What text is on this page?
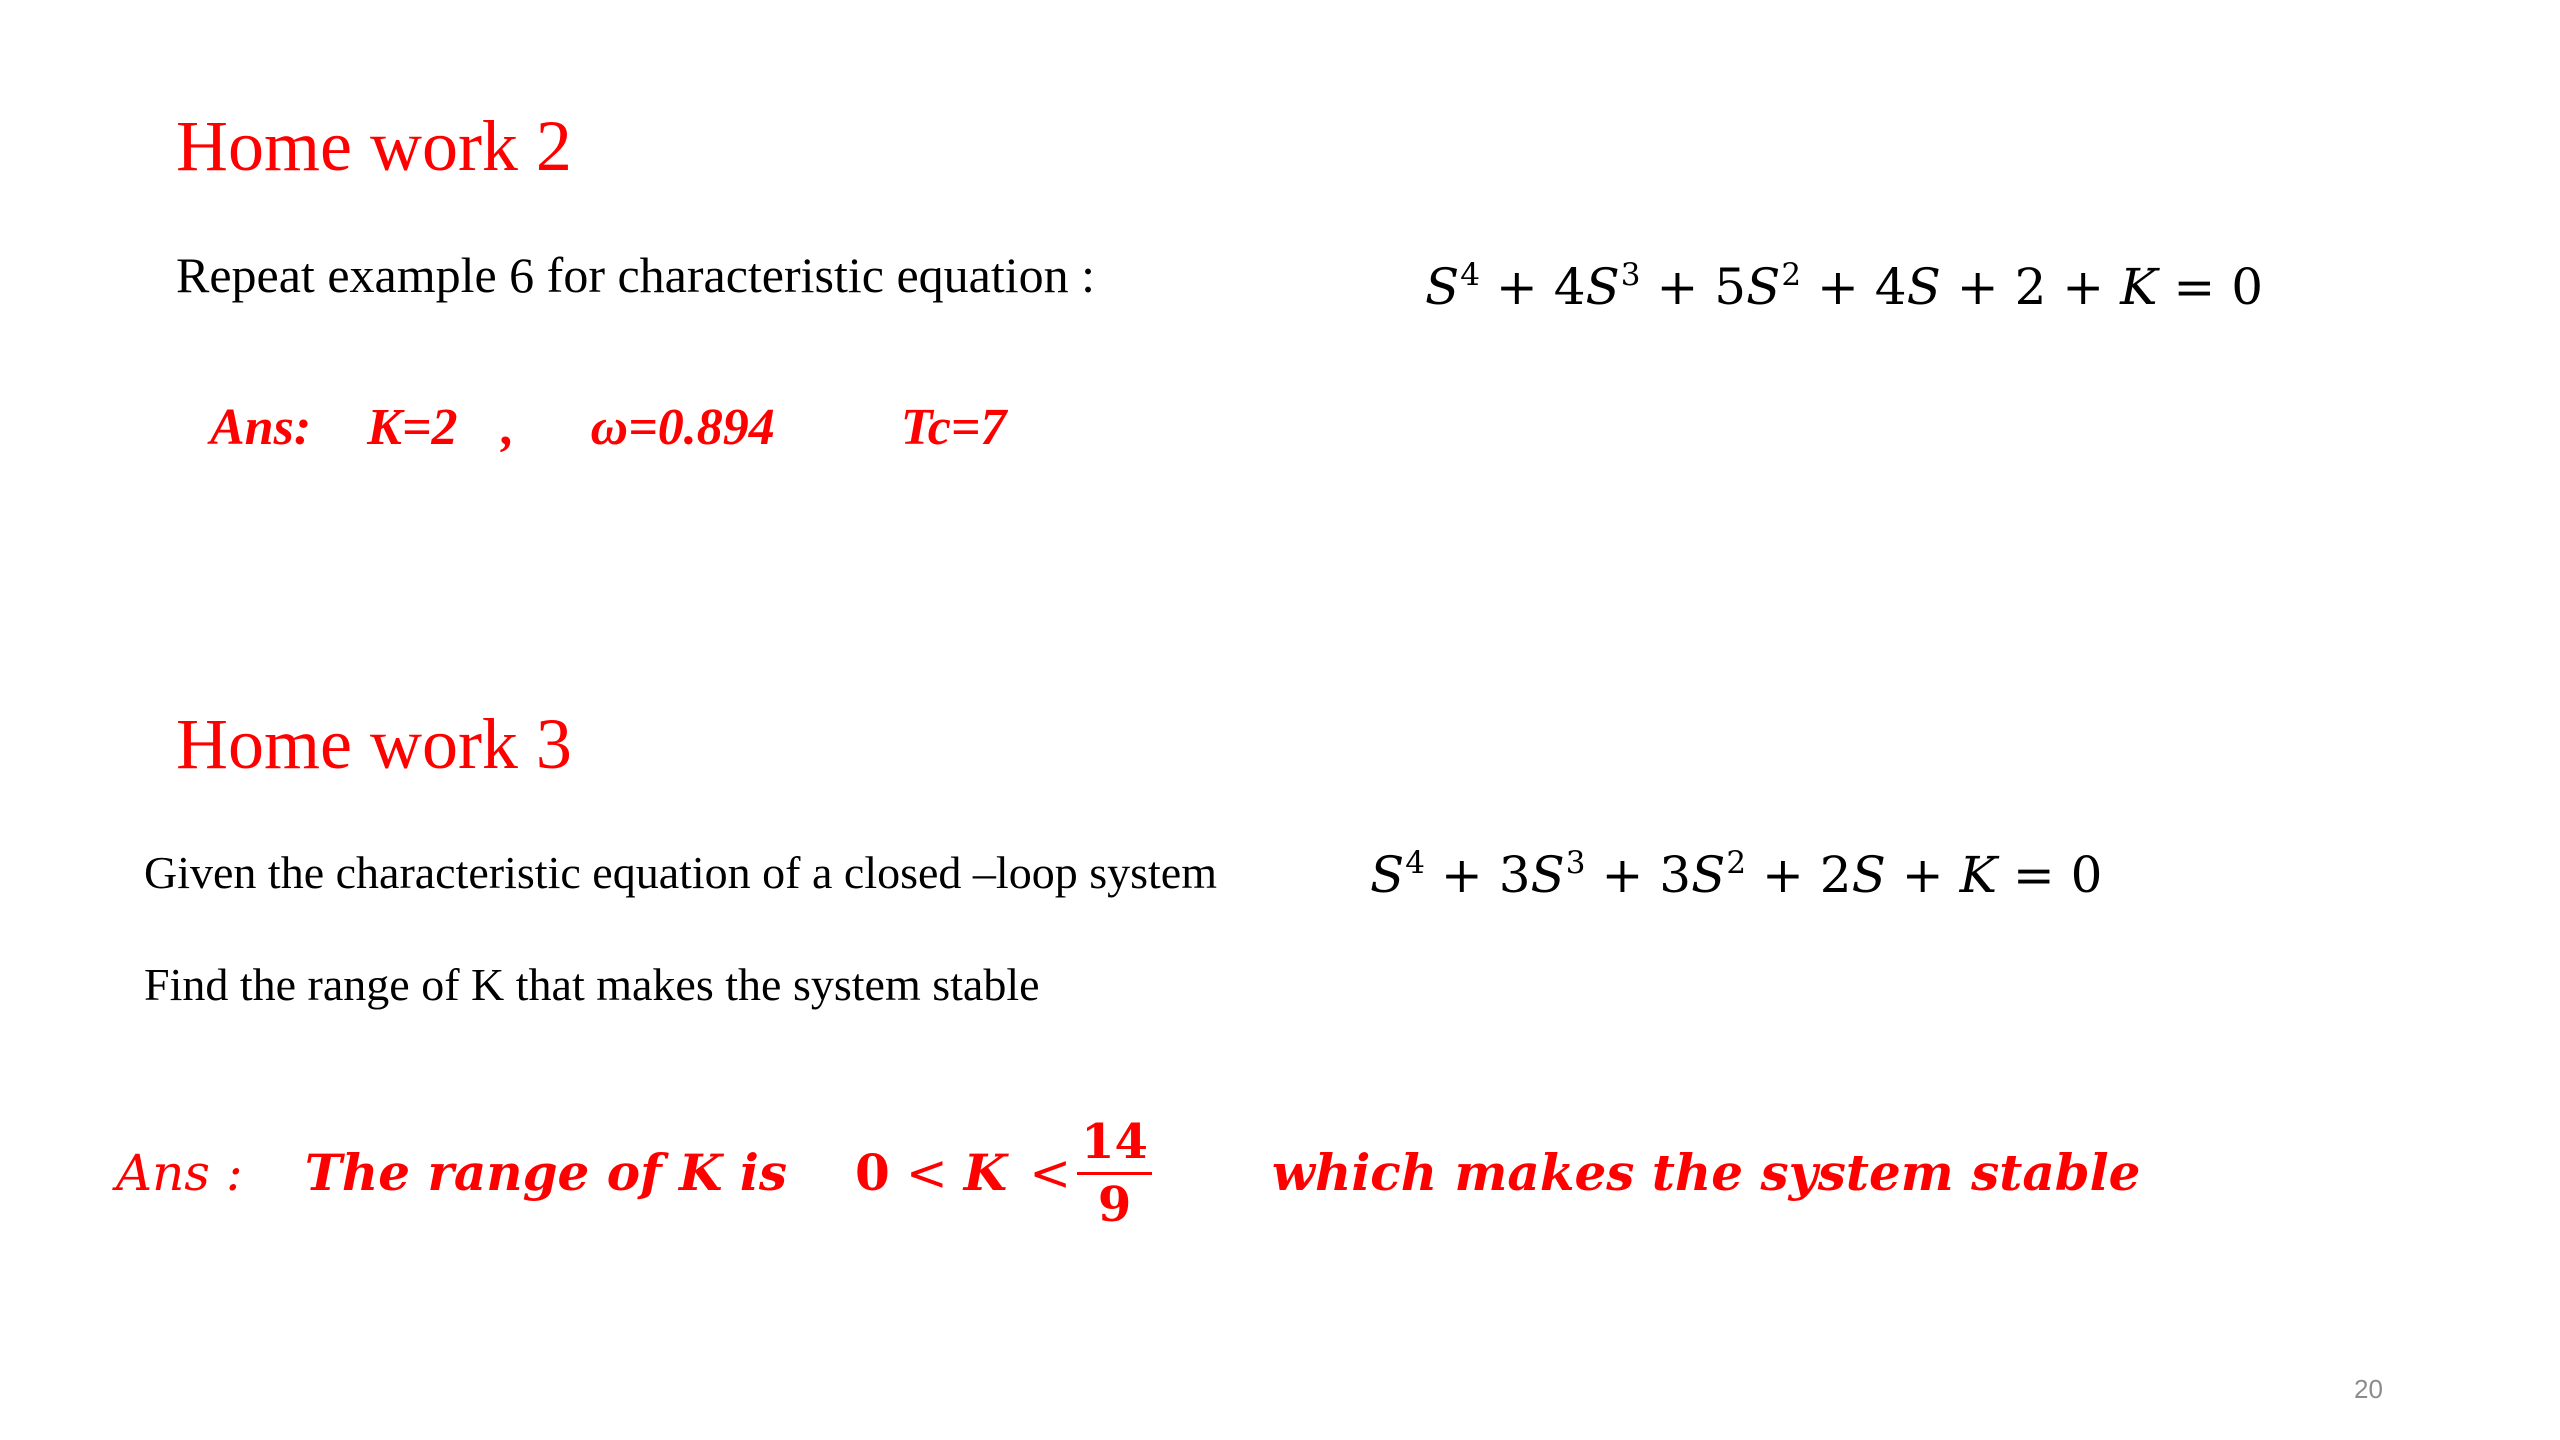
Home work 2
Repeat example 6 for characteristic equation :	$S^4 + 4S^3 + 5S^2 + 4S + 2 + K = 0$
Ans: K=2 , ω=0.894 Tc=7
Home work 3
Given the characteristic equation of a closed –loop system	$S^4 + 3S^3 + 3S^2 + 2S + K = 0$
Find the range of K that makes the system stable
Ans : The range of K is $0 < K < \frac{14}{9}$ which makes the system stable
20
